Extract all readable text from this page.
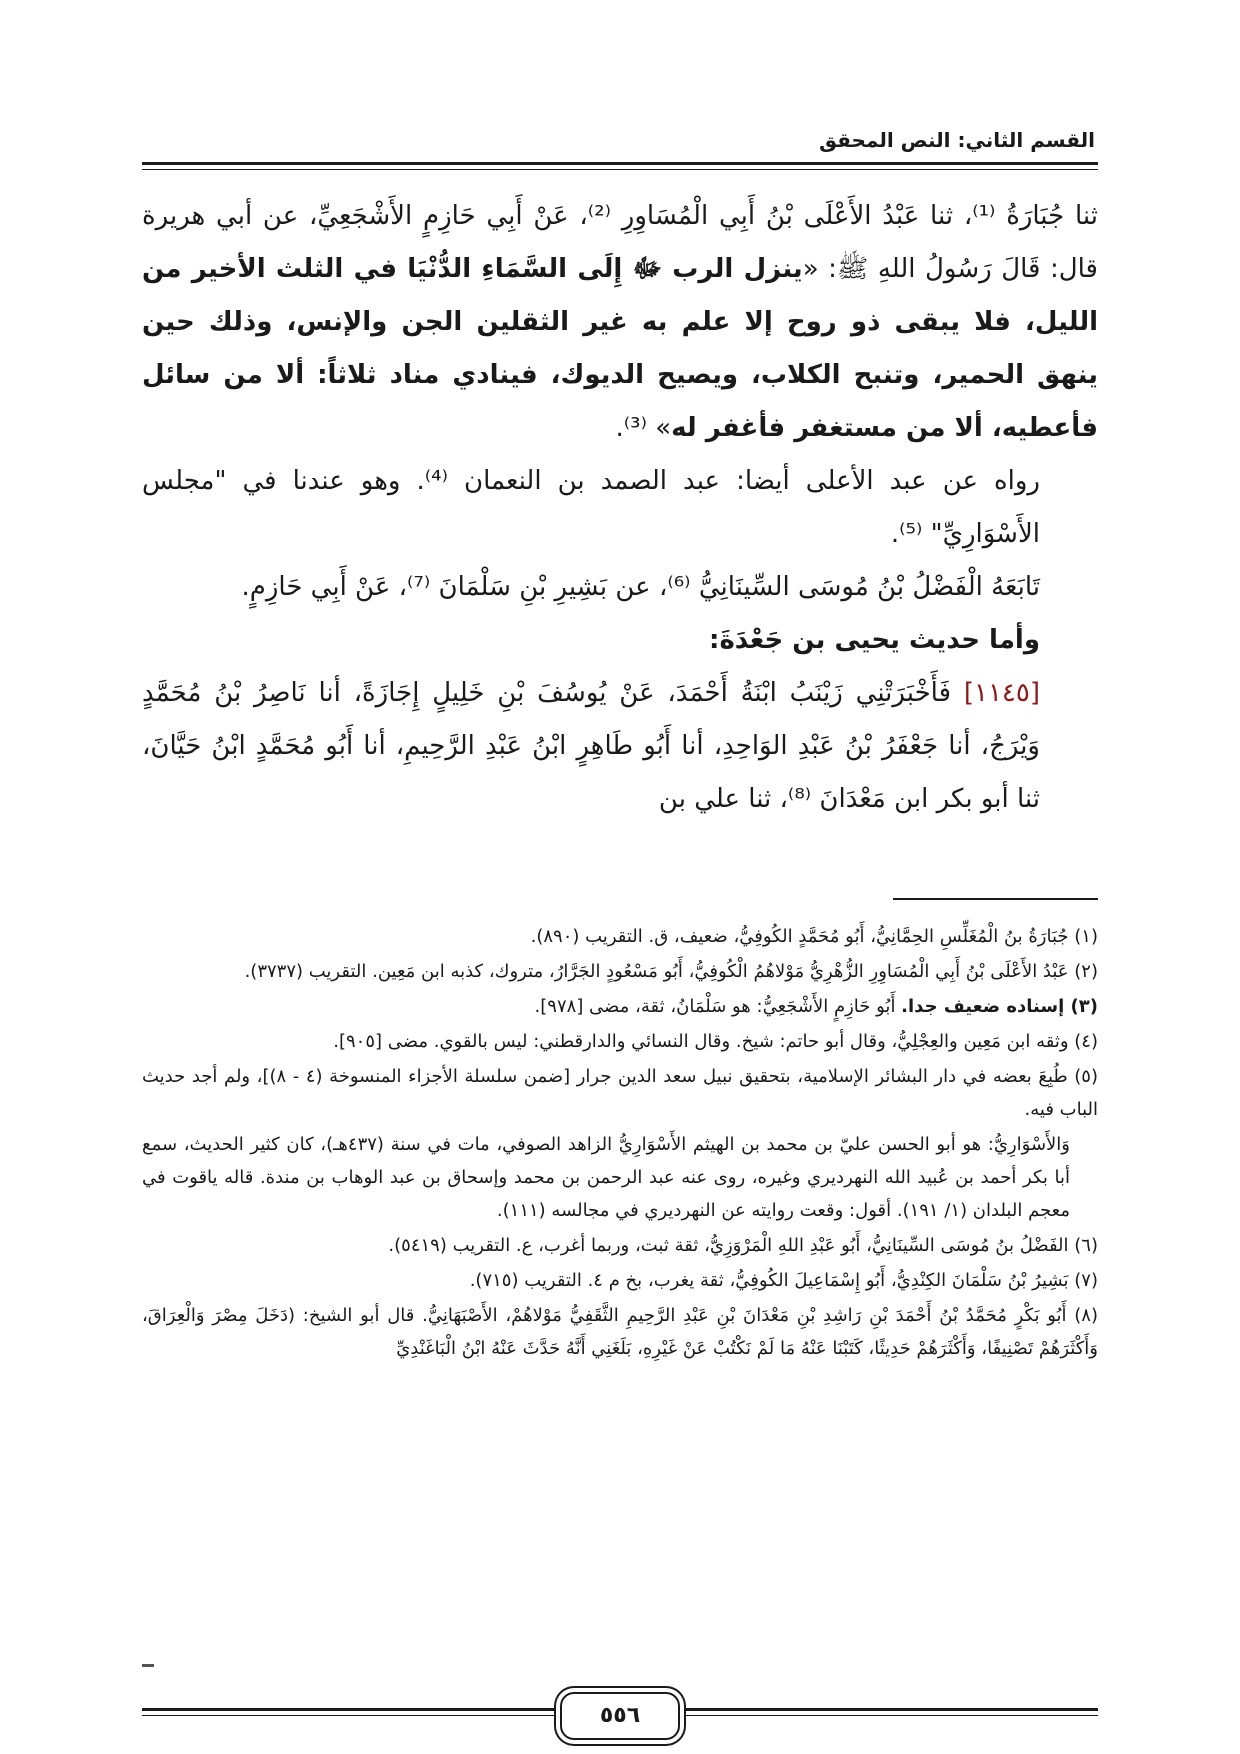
القسم الثاني: النص المحقق

ثنا جُبَارَةُ ⁽¹⁾، ثنا عَبْدُ الأَعْلَى بْنُ أَبِي الْمُسَاوِرِ ⁽²⁾، عَنْ أَبِي حَازِمٍ الأَشْجَعِيِّ، عن أبي هريرة قال: قَالَ رَسُولُ اللهِ ﷺ: «ينزل الرب ﷻ إِلَى السَّمَاءِ الدُّنْيَا في الثلث الأخير من الليل، فلا يبقى ذو روح إلا علم به غير الثقلين الجن والإنس، وذلك حين ينهق الحمير، وتنبح الكلاب، ويصيح الديوك، فينادي مناد ثلاثاً: ألا من سائل فأعطيه، ألا من مستغفر فأغفر له» ⁽³⁾.

رواه عن عبد الأعلى أيضا: عبد الصمد بن النعمان ⁽⁴⁾. وهو عندنا في "مجلس الأَسْوَارِيِّ" ⁽⁵⁾.

تَابَعَهُ الْفَضْلُ بْنُ مُوسَى السِّينَانِيُّ ⁽⁶⁾، عن بَشِيرِ بْنِ سَلْمَانَ ⁽⁷⁾، عَنْ أَبِي حَازِمٍ.

وأما حديث يحيى بن جَعْدَةَ:

[١١٤٥] فَأَخْبَرَتْنِي زَيْنَبُ ابْنَةُ أَحْمَدَ، عَنْ يُوسُفَ بْنِ خَلِيلٍ إِجَازَةً، أنا نَاصِرُ بْنُ مُحَمَّدٍ وَيْرَجُ، أنا جَعْفَرُ بْنُ عَبْدِ الوَاحِدِ، أنا أَبُو طَاهِرٍ ابْنُ عَبْدِ الرَّحِيمِ، أنا أَبُو مُحَمَّدٍ ابْنُ حَيَّانَ، ثنا أبو بكر ابن مَعْدَانَ ⁽⁸⁾، ثنا علي بن

(١) جُبَارَةُ بنُ الْمُغَلِّسِ الحِمَّانِيُّ، أَبُو مُحَمَّدٍ الكُوفِيُّ، ضعيف، ق. التقريب (٨٩٠).

(٢) عَبْدُ الأَعْلَى بْنُ أَبِي الْمُسَاوِرِ الزُّهْرِيُّ مَوْلاهُمُ الْكُوفِيُّ، أَبُو مَسْعُودٍ الجَرَّارُ، متروك، كذبه ابن مَعِين. التقريب (٣٧٣٧).

(٣) إسناده ضعيف جدا. أَبُو حَازِمٍ الأَشْجَعِيُّ: هو سَلْمَانُ، ثقة، مضى [٩٧٨].

(٤) وثقه ابن مَعِين والعِجْلِيُّ، وقال أبو حاتم: شيخ. وقال النسائي والدارقطني: ليس بالقوي. مضى [٩٠٥].

(٥) طُبِعَ بعضه في دار البشائر الإسلامية، بتحقيق نبيل سعد الدين جرار [ضمن سلسلة الأجزاء المنسوخة (٤ - ٨)]، ولم أجد حديث الباب فيه.

وَالأَسْوَارِيُّ: هو أبو الحسن عليّ بن محمد بن الهيثم الأَسْوَارِيُّ الزاهد الصوفي، مات في سنة (٤٣٧هـ)، كان كثير الحديث، سمع أبا بكر أحمد بن عُبيد الله النهرديري وغيره، روى عنه عبد الرحمن بن محمد وإسحاق بن عبد الوهاب بن مندة. قاله ياقوت في معجم البلدان (١/ ١٩١). أقول: وقعت روايته عن النهرديري في مجالسه (١١١).

(٦) الفَضْلُ بنُ مُوسَى السِّينَانِيُّ، أَبُو عَبْدِ اللهِ الْمَرْوَزِيُّ، ثقة ثبت، وربما أغرب، ع. التقريب (٥٤١٩).

(٧) بَشِيرُ بْنُ سَلْمَانَ الكِنْدِيُّ، أَبُو إِسْمَاعِيلَ الكُوفِيُّ، ثقة يغرب، بخ م ٤. التقريب (٧١٥).

(٨) أَبُو بَكْرٍ مُحَمَّدُ بْنُ أَحْمَدَ بْنِ رَاشِدِ بْنِ مَعْدَانَ بْنِ عَبْدِ الرَّحِيمِ الثَّقَفِيُّ مَوْلاهُمْ، الأَصْبَهَانِيُّ. قال أبو الشيخ: (دَخَلَ مِصْرَ وَالْعِرَاقَ، وَأَكْثَرَهُمْ تَصْنِيفًا، وَأَكْثَرَهُمْ حَدِيثًا، كَتَبْنَا عَنْهُ مَا لَمْ نَكْتُبْ عَنْ غَيْرِهِ، بَلَغَنِي أَنَّهُ حَدَّثَ عَنْهُ ابْنُ الْبَاغَنْدِيِّ

٥٥٦
